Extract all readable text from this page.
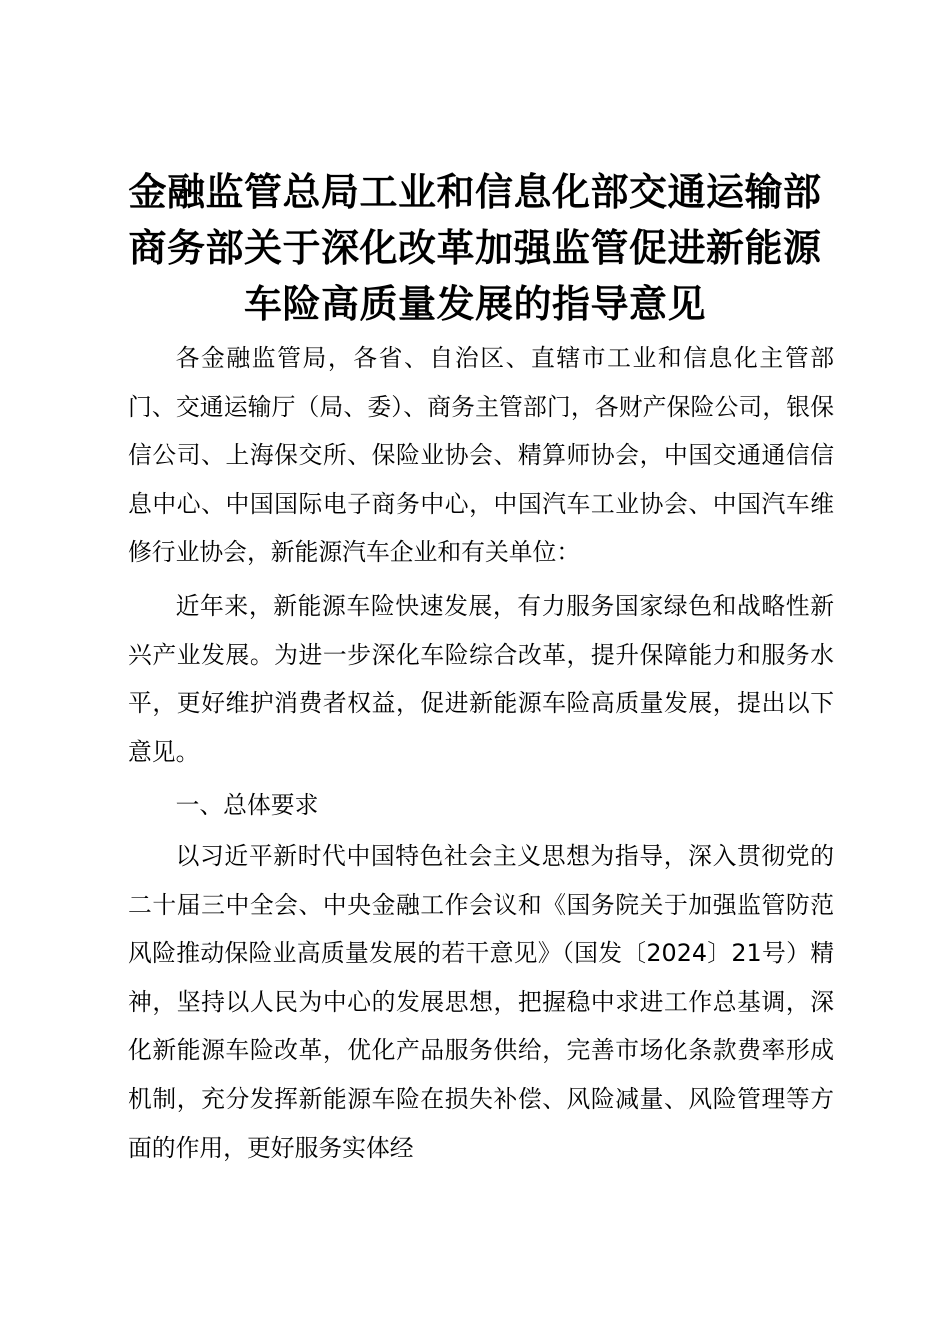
金融监管总局工业和信息化部交通运输部商务部关于深化改革加强监管促进新能源车险高质量发展的指导意见

各金融监管局，各省、自治区、直辖市工业和信息化主管部门、交通运输厅（局、委）、商务主管部门，各财产保险公司，银保信公司、上海保交所、保险业协会、精算师协会，中国交通通信信息中心、中国国际电子商务中心，中国汽车工业协会、中国汽车维修行业协会，新能源汽车企业和有关单位：

近年来，新能源车险快速发展，有力服务国家绿色和战略性新兴产业发展。为进一步深化车险综合改革，提升保障能力和服务水平，更好维护消费者权益，促进新能源车险高质量发展，提出以下意见。

一、总体要求

以习近平新时代中国特色社会主义思想为指导，深入贯彻党的二十届三中全会、中央金融工作会议和《国务院关于加强监管防范风险推动保险业高质量发展的若干意见》（国发〔2024〕21号）精神，坚持以人民为中心的发展思想，把握稳中求进工作总基调，深化新能源车险改革，优化产品服务供给，完善市场化条款费率形成机制，充分发挥新能源车险在损失补偿、风险减量、风险管理等方面的作用，更好服务实体经
